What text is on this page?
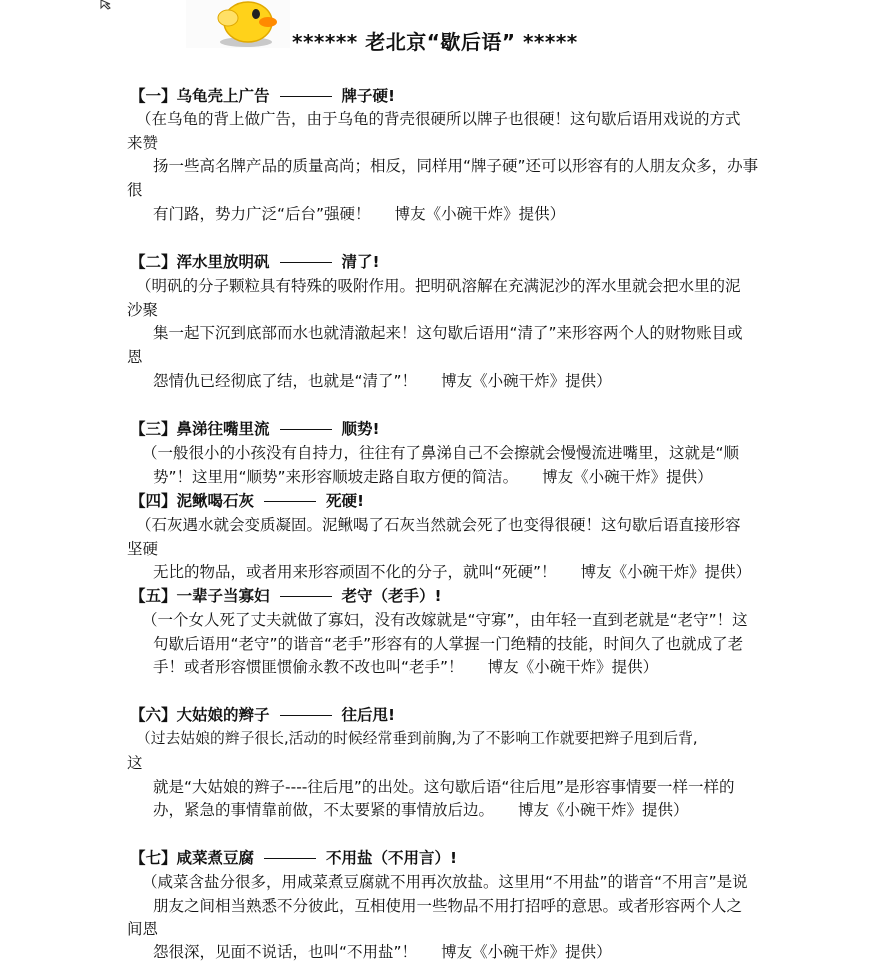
****** 老北京“歇后语” *****
【一】乌龟壳上广告	牌子硬!
（在乌龟的背上做广告，由于乌龟的背壳很硬所以牌子也很硬！这句歇后语用戏说的方式
来赞
扬一些高名牌产品的质量高尚；相反，同样用“牌子硬”还可以形容有的人朋友众多，办事
很
有门路，势力广泛“后台”强硬！ 博友《小碗干炸》提供）
【二】浑水里放明矾	清了!
（明矾的分子颗粒具有特殊的吸附作用。把明矾溶解在充满泥沙的浑水里就会把水里的泥
沙聚
集一起下沉到底部而水也就清澈起来！这句歇后语用“清了”来形容两个人的财物账目或
恩
怨情仇已经彻底了结，也就是“清了”！ 博友《小碗干炸》提供）
【三】鼻涕往嘴里流	顺势!
（一般很小的小孩没有自持力，往往有了鼻涕自己不会擦就会慢慢流进嘴里，这就是“顺
势”！这里用“顺势”来形容顺坡走路自取方便的简洁。 博友《小碗干炸》提供）
【四】泥鳅喝石灰	死硬!
（石灰遇水就会变质凝固。泥鳅喝了石灰当然就会死了也变得很硬！这句歇后语直接形容
坚硬
无比的物品，或者用来形容顽固不化的分子，就叫“死硬”！ 博友《小碗干炸》提供）
【五】一辈子当寡妇	老守（老手）!
（一个女人死了丈夫就做了寡妇，没有改嫁就是“守寡”，由年轻一直到老就是“老守”！这
句歇后语用“老守”的谐音“老手”形容有的人掌握一门绝精的技能，时间久了也就成了老
手！或者形容惯匪惯偷永教不改也叫“老手”！ 博友《小碗干炸》提供）
【六】大姑娘的辫子	往后甩!
（过去姑娘的辫子很长,活动的时候经常垂到前胸,为了不影响工作就要把辫子甩到后背,
这
就是“大姑娘的辫子----往后甩”的出处。这句歇后语“往后甩”是形容事情要一样一样的
办，紧急的事情靠前做，不太要紧的事情放后边。 博友《小碗干炸》提供）
【七】咸菜煮豆腐	不用盐（不用言）!
（咸菜含盐分很多，用咸菜煮豆腐就不用再次放盐。这里用“不用盐”的谐音“不用言”是说
朋友之间相当熟悉不分彼此，互相使用一些物品不用打招呼的意思。或者形容两个人之
间恩
怨很深，见面不说话，也叫“不用盐”！ 博友《小碗干炸》提供）
